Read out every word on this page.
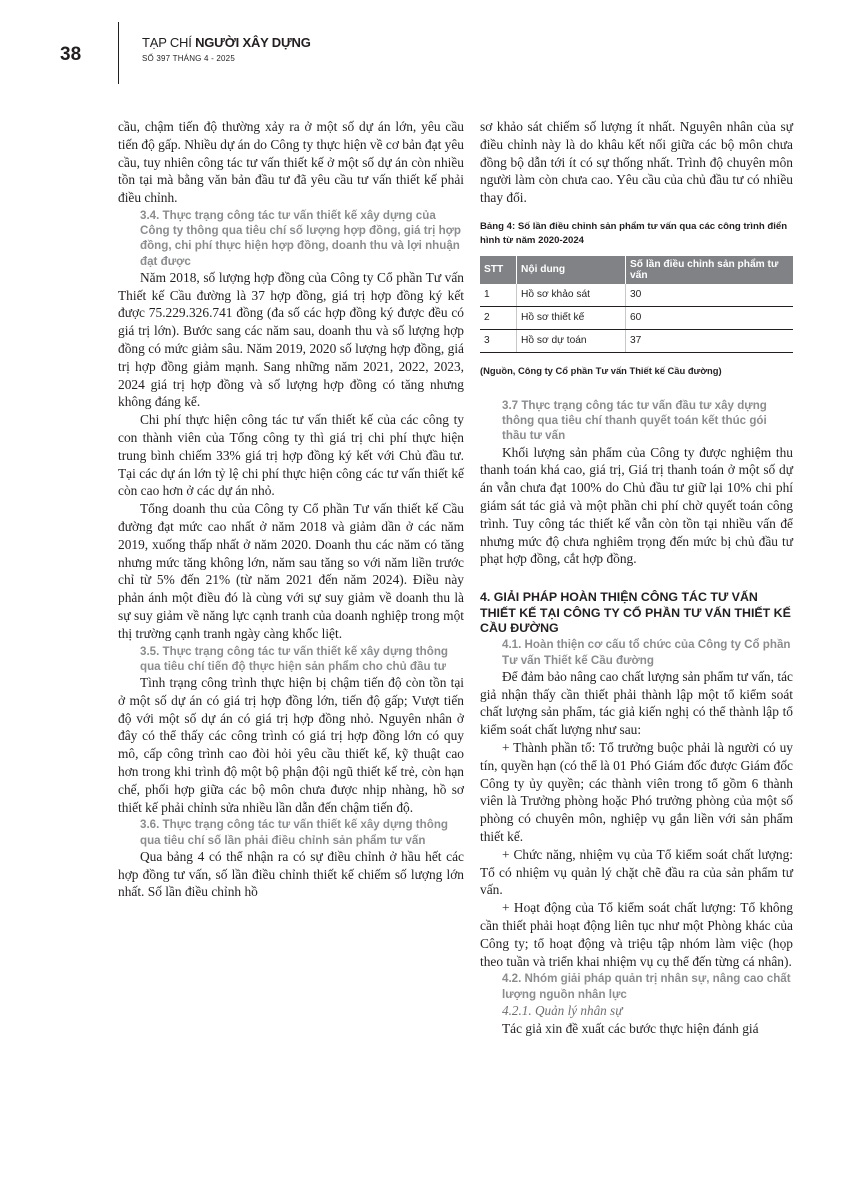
38
TẠP CHÍ NGƯỜI XÂY DỰNG
SỐ 397 THÁNG 4 - 2025

cầu, chậm tiến độ thường xảy ra ở một số dự án lớn, yêu cầu tiến độ gấp. Nhiều dự án do Công ty thực hiện về cơ bản đạt yêu cầu, tuy nhiên công tác tư vấn thiết kế ở một số dự án còn nhiều tồn tại mà bằng văn bản đầu tư đã yêu cầu tư vấn thiết kế phải điều chỉnh.

3.4. Thực trạng công tác tư vấn thiết kế xây dựng của Công ty thông qua tiêu chí số lượng hợp đồng, giá trị hợp đồng, chi phí thực hiện hợp đồng, doanh thu và lợi nhuận đạt được

Năm 2018, số lượng hợp đồng của Công ty Cổ phần Tư vấn Thiết kế Cầu đường là 37 hợp đồng, giá trị hợp đồng ký kết được 75.229.326.741 đồng (đa số các hợp đồng ký được đều có giá trị lớn). Bước sang các năm sau, doanh thu và số lượng hợp đồng có mức giảm sâu. Năm 2019, 2020 số lượng hợp đồng, giá trị hợp đồng giảm mạnh. Sang những năm 2021, 2022, 2023, 2024 giá trị hợp đồng và số lượng hợp đồng có tăng nhưng không đáng kể.

Chi phí thực hiện công tác tư vấn thiết kế của các công ty con thành viên của Tổng công ty thì giá trị chi phí thực hiện trung bình chiếm 33% giá trị hợp đồng ký kết với Chủ đầu tư. Tại các dự án lớn tỷ lệ chi phí thực hiện công các tư vấn thiết kế còn cao hơn ở các dự án nhỏ.

Tổng doanh thu của Công ty Cổ phần Tư vấn thiết kế Cầu đường đạt mức cao nhất ở năm 2018 và giảm dần ở các năm 2019, xuống thấp nhất ở năm 2020. Doanh thu các năm có tăng nhưng mức tăng không lớn, năm sau tăng so với năm liền trước chỉ từ 5% đến 21% (từ năm 2021 đến năm 2024). Điều này phản ánh một điều đó là cùng với sự suy giảm về doanh thu là sự suy giảm về năng lực cạnh tranh của doanh nghiệp trong một thị trường cạnh tranh ngày càng khốc liệt.

3.5. Thực trạng công tác tư vấn thiết kế xây dựng thông qua tiêu chí tiến độ thực hiện sản phẩm cho chủ đầu tư

Tình trạng công trình thực hiện bị chậm tiến độ còn tồn tại ở một số dự án có giá trị hợp đồng lớn, tiến độ gấp; Vượt tiến độ với một số dự án có giá trị hợp đồng nhỏ. Nguyên nhân ở đây có thể thấy các công trình có giá trị hợp đồng lớn có quy mô, cấp công trình cao đòi hỏi yêu cầu thiết kế, kỹ thuật cao hơn trong khi trình độ một bộ phận đội ngũ thiết kế trẻ, còn hạn chế, phối hợp giữa các bộ môn chưa được nhịp nhàng, hồ sơ thiết kế phải chỉnh sửa nhiều lần dẫn đến chậm tiến độ.

3.6. Thực trạng công tác tư vấn thiết kế xây dựng thông qua tiêu chí số lần phải điều chỉnh sản phẩm tư vấn

Qua bảng 4 có thể nhận ra có sự điều chỉnh ở hầu hết các hợp đồng tư vấn, số lần điều chỉnh thiết kế chiếm số lượng lớn nhất. Số lần điều chỉnh hồ

sơ khảo sát chiếm số lượng ít nhất. Nguyên nhân của sự điều chỉnh này là do khâu kết nối giữa các bộ môn chưa đồng bộ dẫn tới ít có sự thống nhất. Trình độ chuyên môn người làm còn chưa cao. Yêu cầu của chủ đầu tư có nhiều thay đổi.

Bảng 4: Số lần điều chỉnh sản phẩm tư vấn qua các công trình điển hình từ năm 2020-2024
STT	Nội dung	Số lần điều chỉnh sản phẩm tư vấn
1	Hồ sơ khảo sát	30
2	Hồ sơ thiết kế	60
3	Hồ sơ dự toán	37
(Nguồn, Công ty Cổ phần Tư vấn Thiết kế Cầu đường)
3.7 Thực trạng công tác tư vấn đầu tư xây dựng thông qua tiêu chí thanh quyết toán kết thúc gói thầu tư vấn

Khối lượng sản phẩm của Công ty được nghiệm thu thanh toán khá cao, giá trị, Giá trị thanh toán ở một số dự án vẫn chưa đạt 100% do Chủ đầu tư giữ lại 10% chi phí giám sát tác giả và một phần chi phí chờ quyết toán công trình. Tuy công tác thiết kế vẫn còn tồn tại nhiều vấn để nhưng mức độ chưa nghiêm trọng đến mức bị chủ đầu tư phạt hợp đồng, cắt hợp đồng.

4. GIẢI PHÁP HOÀN THIỆN CÔNG TÁC TƯ VẤN THIẾT KẾ TẠI CÔNG TY CỔ PHẦN TƯ VẤN THIẾT KẾ CẦU ĐƯỜNG
4.1. Hoàn thiện cơ cấu tổ chức của Công ty Cổ phần Tư vấn Thiết kế Cầu đường

Để đảm bảo nâng cao chất lượng sản phẩm tư vấn, tác giả nhận thấy cần thiết phải thành lập một tổ kiểm soát chất lượng sản phẩm, tác giả kiến nghị có thể thành lập tổ kiểm soát chất lượng như sau:

+ Thành phần tổ: Tổ trưởng buộc phải là người có uy tín, quyền hạn (có thể là 01 Phó Giám đốc được Giám đốc Công ty ủy quyền; các thành viên trong tổ gồm 6 thành viên là Trưởng phòng hoặc Phó trưởng phòng của một số phòng có chuyên môn, nghiệp vụ gắn liền với sản phẩm thiết kế.

+ Chức năng, nhiệm vụ của Tổ kiểm soát chất lượng: Tổ có nhiệm vụ quản lý chặt chẽ đầu ra của sản phẩm tư vấn.

+ Hoạt động của Tổ kiểm soát chất lượng: Tổ không cần thiết phải hoạt động liên tục như một Phòng khác của Công ty; tổ hoạt động và triệu tập nhóm làm việc (họp theo tuần và triển khai nhiệm vụ cụ thể đến từng cá nhân).

4.2. Nhóm giải pháp quản trị nhân sự, nâng cao chất lượng nguồn nhân lực
4.2.1. Quản lý nhân sự

Tác giả xin đề xuất các bước thực hiện đánh giá
